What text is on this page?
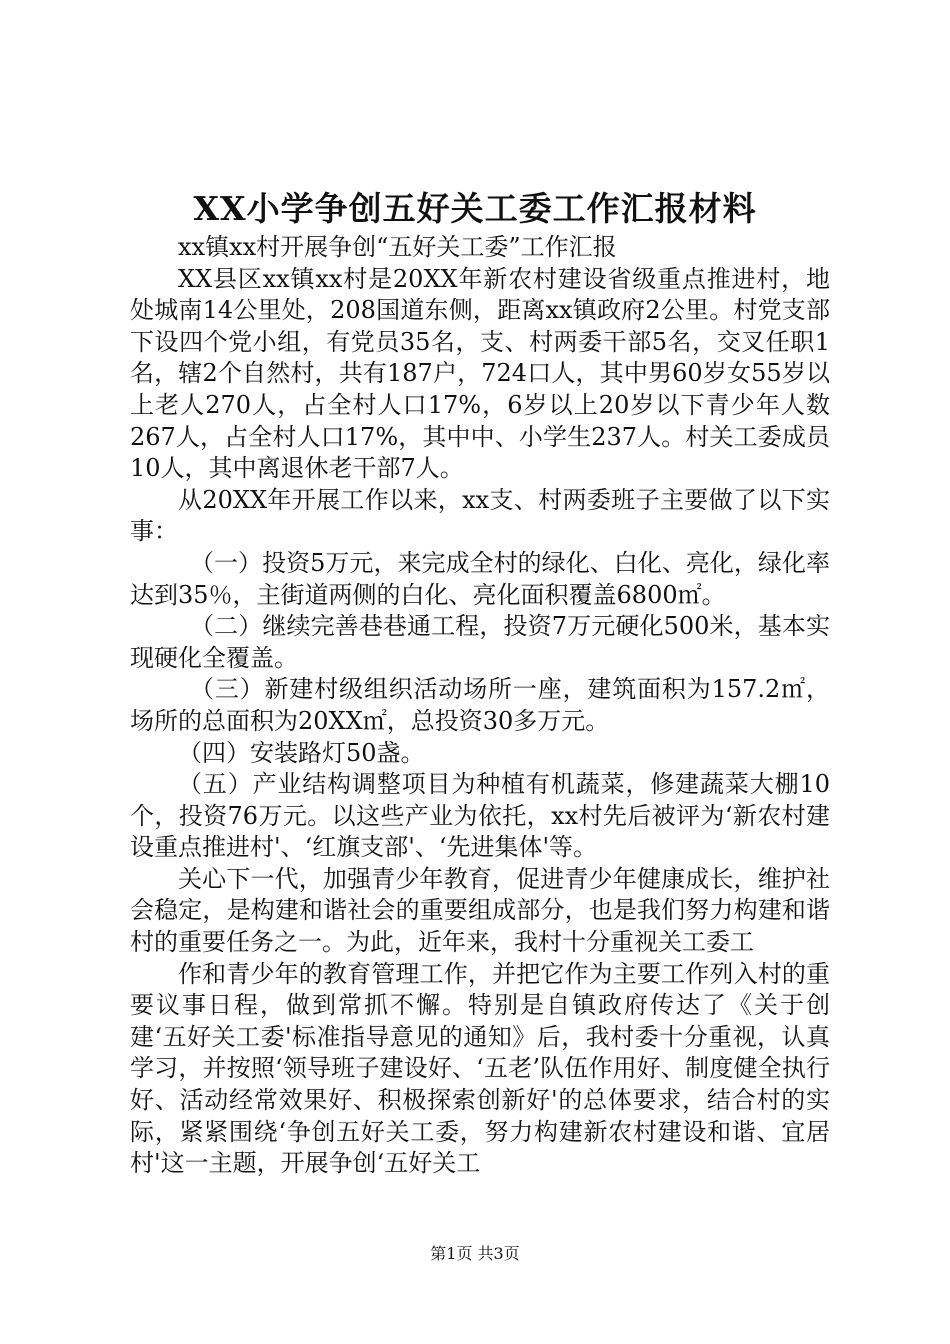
XX小学争创五好关工委工作汇报材料

xx镇xx村开展争创“五好关工委”工作汇报

XX县区xx镇xx村是20XX年新农村建设省级重点推进村，地处城南14公里处，208国道东侧，距离xx镇政府2公里。村党支部下设四个党小组，有党员35名，支、村两委干部5名，交叉任职1名，辖2个自然村，共有187户，724口人，其中男60岁女55岁以上老人270人，占全村人口17%，6岁以上20岁以下青少年人数267人，占全村人口17%，其中中、小学生237人。村关工委成员10人，其中离退休老干部7人。

从20XX年开展工作以来，xx支、村两委班子主要做了以下实事：

（一）投资5万元，来完成全村的绿化、白化、亮化，绿化率达到35％，主街道两侧的白化、亮化面积覆盖6800㎡。

（二）继续完善巷巷通工程，投资7万元硬化500米，基本实现硬化全覆盖。

（三）新建村级组织活动场所一座，建筑面积为157.2㎡，场所的总面积为20XX㎡，总投资30多万元。

（四）安装路灯50盏。

（五）产业结构调整项目为种植有机蔬菜，修建蔬菜大棚10个，投资76万元。以这些产业为依托，xx村先后被评为‘新农村建设重点推进村'、‘红旗支部'、‘先进集体'等。

关心下一代，加强青少年教育，促进青少年健康成长，维护社会稳定，是构建和谐社会的重要组成部分，也是我们努力构建和谐村的重要任务之一。为此，近年来，我村十分重视关工委工

作和青少年的教育管理工作，并把它作为主要工作列入村的重要议事日程，做到常抓不懈。特别是自镇政府传达了《关于创建‘五好关工委'标准指导意见的通知》后，我村委十分重视，认真学习，并按照‘领导班子建设好、‘五老’队伍作用好、制度健全执行好、活动经常效果好、积极探索创新好'的总体要求，结合村的实际，紧紧围绕‘争创五好关工委，努力构建新农村建设和谐、宜居村'这一主题，开展争创‘五好关工

第1页 共3页
